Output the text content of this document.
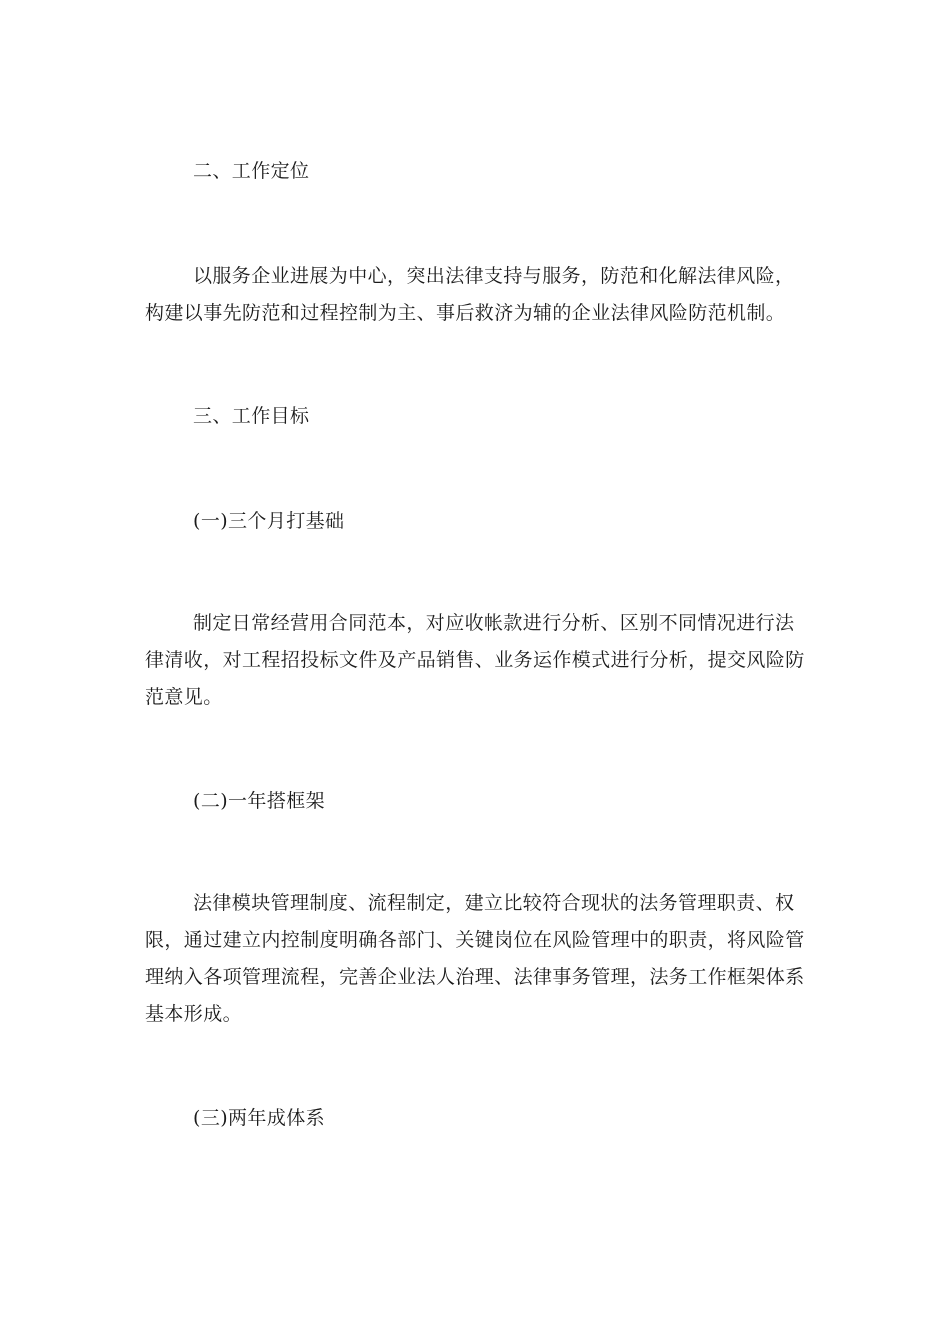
二、工作定位

以服务企业进展为中心，突出法律支持与服务，防范和化解法律风险，构建以事先防范和过程控制为主、事后救济为辅的企业法律风险防范机制。

三、工作目标

(一)三个月打基础

制定日常经营用合同范本，对应收帐款进行分析、区别不同情况进行法律清收，对工程招投标文件及产品销售、业务运作模式进行分析，提交风险防范意见。

(二)一年搭框架

法律模块管理制度、流程制定，建立比较符合现状的法务管理职责、权限，通过建立内控制度明确各部门、关键岗位在风险管理中的职责，将风险管理纳入各项管理流程，完善企业法人治理、法律事务管理，法务工作框架体系基本形成。

(三)两年成体系
